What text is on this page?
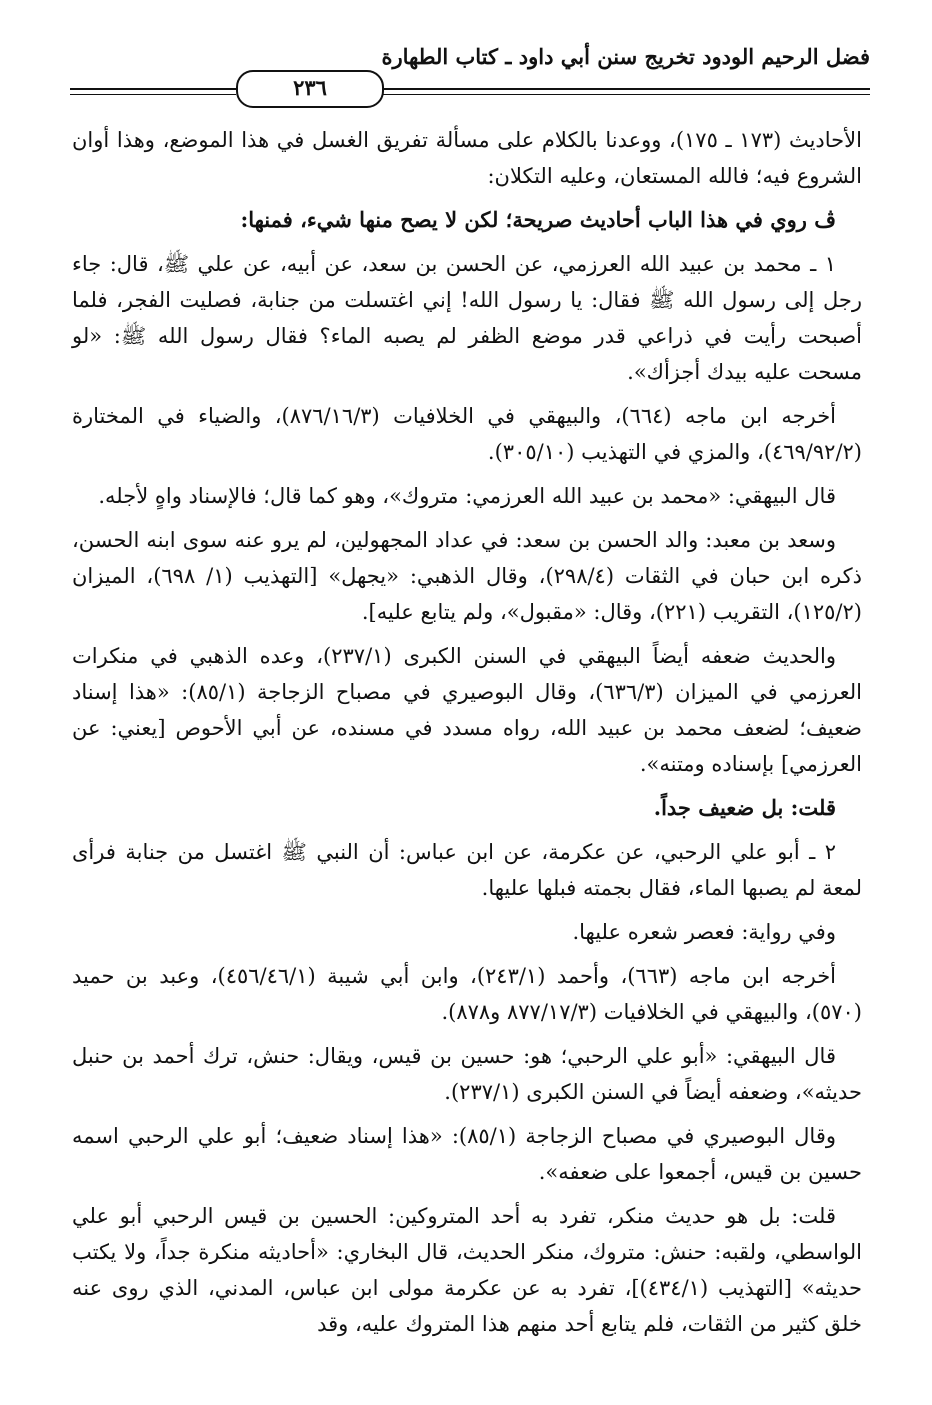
فضل الرحيم الودود تخريج سنن أبي داود ـ كتاب الطهارة
٢٣٦

الأحاديث (١٧٣ ـ ١٧٥)، ووعدنا بالكلام على مسألة تفريق الغسل في هذا الموضع، وهذا أوان الشروع فيه؛ فالله المستعان، وعليه التكلان:

ڤ روي في هذا الباب أحاديث صريحة؛ لكن لا يصح منها شيء، فمنها:

١ ـ محمد بن عبيد الله العرزمي، عن الحسن بن سعد، عن أبيه، عن علي ﷺ، قال: جاء رجل إلى رسول الله ﷺ فقال: يا رسول الله! إني اغتسلت من جنابة، فصليت الفجر، فلما أصبحت رأيت في ذراعي قدر موضع الظفر لم يصبه الماء؟ فقال رسول الله ﷺ: «لو مسحت عليه بيدك أجزأك».

أخرجه ابن ماجه (٦٦٤)، والبيهقي في الخلافيات (٨٧٦/١٦/٣)، والضياء في المختارة (٤٦٩/٩٢/٢)، والمزي في التهذيب (٣٠٥/١٠).

قال البيهقي: «محمد بن عبيد الله العرزمي: متروك»، وهو كما قال؛ فالإسناد واهٍ لأجله.

وسعد بن معبد: والد الحسن بن سعد: في عداد المجهولين، لم يرو عنه سوى ابنه الحسن، ذكره ابن حبان في الثقات (٢٩٨/٤)، وقال الذهبي: «يجهل» [التهذيب (١/ ٦٩٨)، الميزان (١٢٥/٢)، التقريب (٢٢١)، وقال: «مقبول»، ولم يتابع عليه].

والحديث ضعفه أيضاً البيهقي في السنن الكبرى (٢٣٧/١)، وعده الذهبي في منكرات العرزمي في الميزان (٦٣٦/٣)، وقال البوصيري في مصباح الزجاجة (٨٥/١): «هذا إسناد ضعيف؛ لضعف محمد بن عبيد الله، رواه مسدد في مسنده، عن أبي الأحوص [يعني: عن العرزمي] بإسناده ومتنه».

قلت: بل ضعيف جداً.

٢ ـ أبو علي الرحبي، عن عكرمة، عن ابن عباس: أن النبي ﷺ اغتسل من جنابة فرأى لمعة لم يصبها الماء، فقال بجمته فبلها عليها.

وفي رواية: فعصر شعره عليها.

أخرجه ابن ماجه (٦٦٣)، وأحمد (٢٤٣/١)، وابن أبي شيبة (٤٥٦/٤٦/١)، وعبد بن حميد (٥٧٠)، والبيهقي في الخلافيات (٨٧٧/١٧/٣ و٨٧٨).

قال البيهقي: «أبو علي الرحبي؛ هو: حسين بن قيس، ويقال: حنش، ترك أحمد بن حنبل حديثه»، وضعفه أيضاً في السنن الكبرى (٢٣٧/١).

وقال البوصيري في مصباح الزجاجة (٨٥/١): «هذا إسناد ضعيف؛ أبو علي الرحبي اسمه حسين بن قيس، أجمعوا على ضعفه».

قلت: بل هو حديث منكر، تفرد به أحد المتروكين: الحسين بن قيس الرحبي أبو علي الواسطي، ولقبه: حنش: متروك، منكر الحديث، قال البخاري: «أحاديثه منكرة جداً، ولا يكتب حديثه» [التهذيب (٤٣٤/١)]، تفرد به عن عكرمة مولى ابن عباس، المدني، الذي روى عنه خلق كثير من الثقات، فلم يتابع أحد منهم هذا المتروك عليه، وقد
